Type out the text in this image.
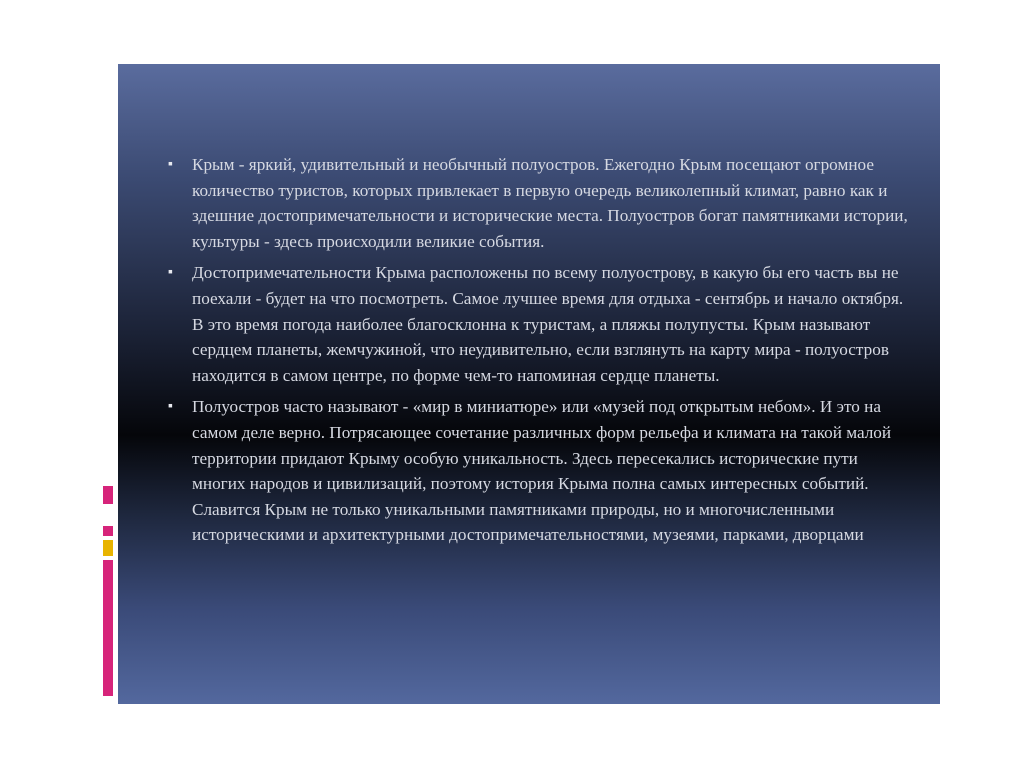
▪ Крым - яркий, удивительный и необычный полуостров. Ежегодно Крым посещают огромное количество туристов, которых привлекает в первую очередь великолепный климат, равно как и здешние достопримечательности и исторические места. Полуостров богат памятниками истории, культуры - здесь происходили великие события.
▪ Достопримечательности Крыма расположены по всему полуострову, в какую бы его часть вы не поехали - будет на что посмотреть. Самое лучшее время для отдыха - сентябрь и начало октября. В это время погода наиболее благосклонна к туристам, а пляжы полупусты. Крым называют сердцем планеты, жемчужиной, что неудивительно, если взглянуть на карту мира - полуостров находится в самом центре, по форме чем-то напоминая сердце планеты.
▪ Полуостров часто называют - «мир в миниатюре» или «музей под открытым небом». И это на самом деле верно. Потрясающее сочетание различных форм рельефа и климата на такой малой территории придают Крыму особую уникальность. Здесь пересекались исторические пути многих народов и цивилизаций, поэтому история Крыма полна самых интересных событий. Славится Крым не только уникальными памятниками природы, но и многочисленными историческими и архитектурными достопримечательностями, музеями, парками, дворцами
